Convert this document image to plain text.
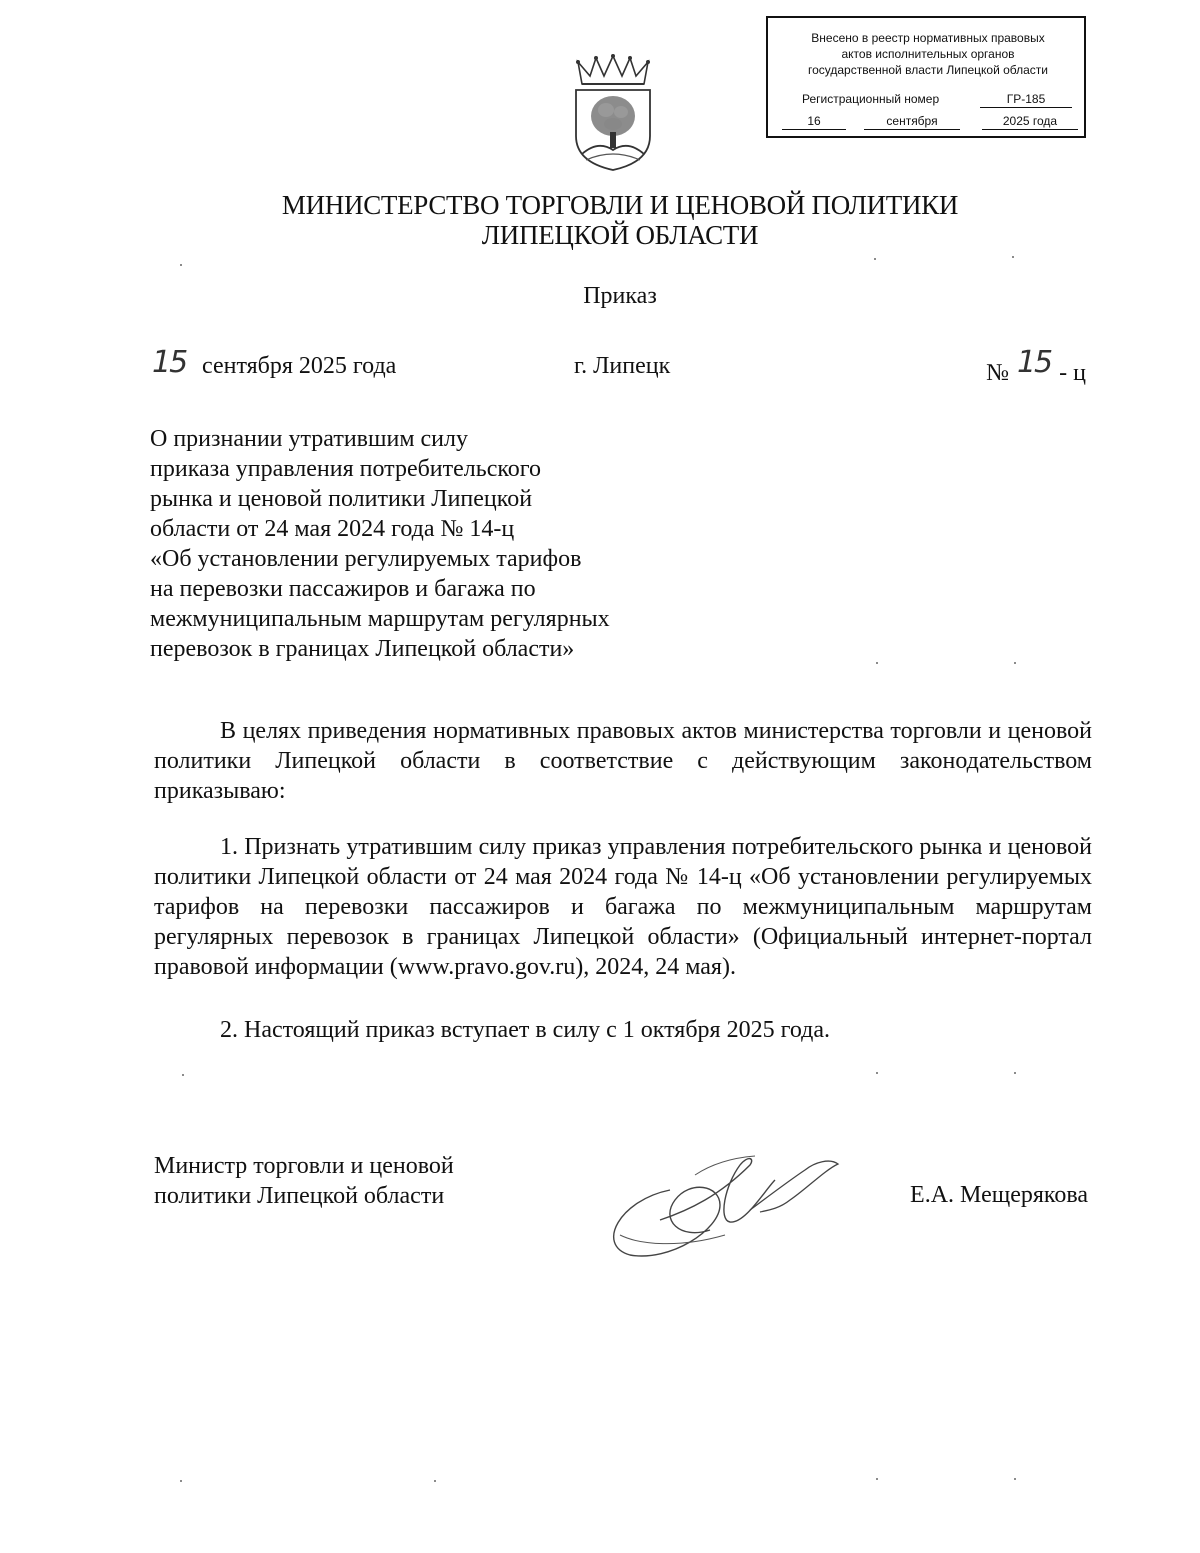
Внесено в реестр нормативных правовых
актов исполнительных органов
государственной власти Липецкой области
Регистрационный номер	ГР-185
16	сентября	2025 года
МИНИСТЕРСТВО ТОРГОВЛИ И ЦЕНОВОЙ ПОЛИТИКИ
ЛИПЕЦКОЙ ОБЛАСТИ
Приказ
15 сентября 2025 года	г. Липецк	№ 15 - ц
О признании утратившим силу
приказа управления потребительского
рынка и ценовой политики Липецкой
области от 24 мая 2024 года № 14-ц
«Об установлении регулируемых тарифов
на перевозки пассажиров и багажа по
межмуниципальным маршрутам регулярных
перевозок в границах Липецкой области»

В целях приведения нормативных правовых актов министерства торговли и ценовой политики Липецкой области в соответствие с действующим законодательством приказываю:

1. Признать утратившим силу приказ управления потребительского рынка и ценовой политики Липецкой области от 24 мая 2024 года № 14-ц «Об установлении регулируемых тарифов на перевозки пассажиров и багажа по межмуниципальным маршрутам регулярных перевозок в границах Липецкой области» (Официальный интернет-портал правовой информации (www.pravo.gov.ru), 2024, 24 мая).

2. Настоящий приказ вступает в силу с 1 октября 2025 года.

Министр торговли и ценовой
политики Липецкой области	Е.А. Мещерякова
